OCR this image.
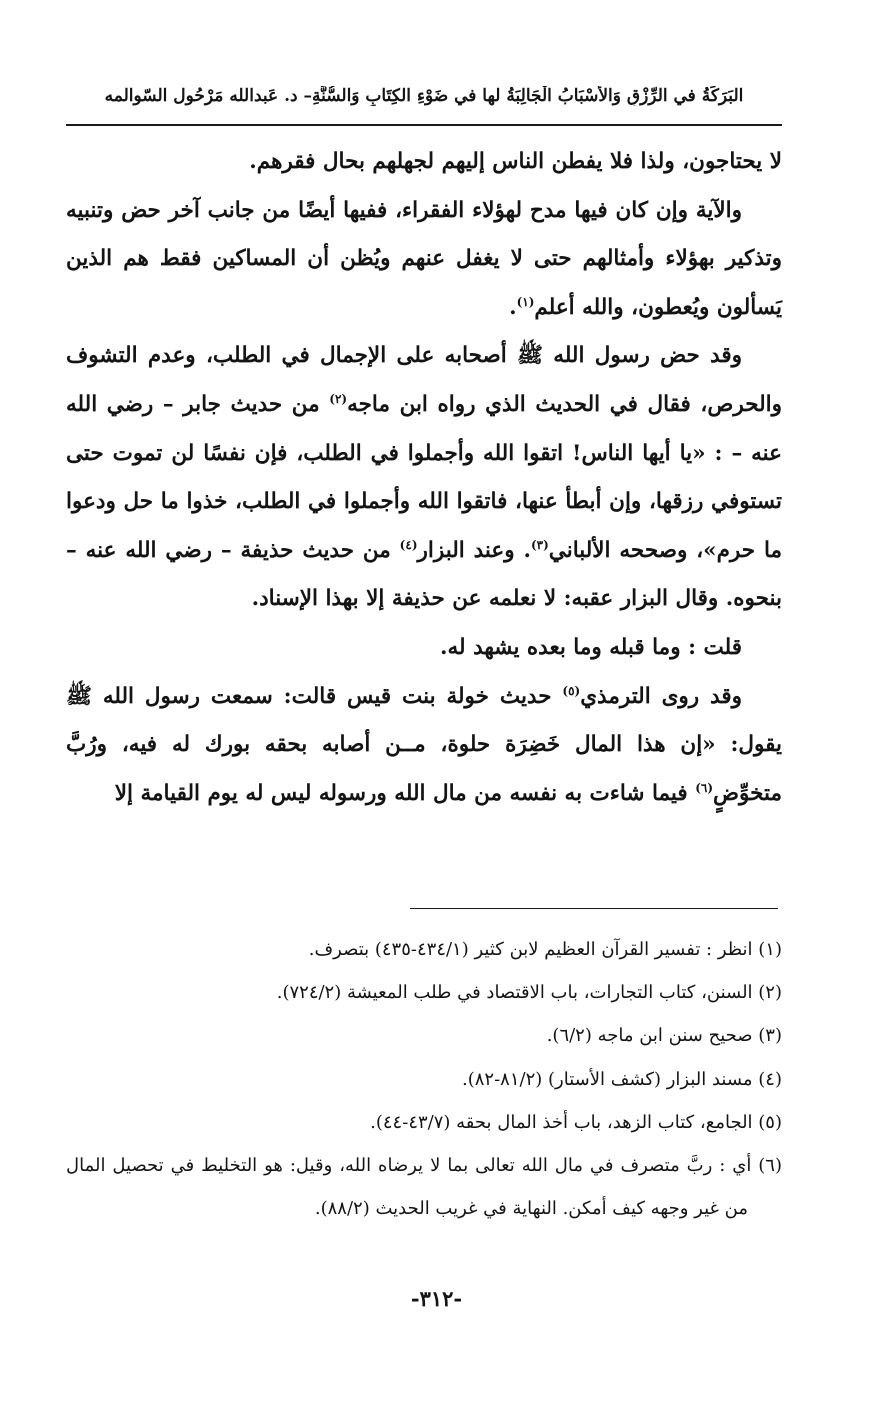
البَرَكَةُ في الرِّزْقِ وَالأَسْبَابُ الْجَالِبَةُ لها في ضَوْءِ الكِتَابِ وَالسُّنَّةِ– د. عَبدالله مَرْحُول السّوالمه

لا يحتاجون، ولذا فلا يفطن الناس إليهم لجهلهم بحال فقرهم.

والآية وإن كان فيها مدح لهؤلاء الفقراء، ففيها أيضًا من جانب آخر حض وتنبيه وتذكير بهؤلاء وأمثالهم حتى لا يغفل عنهم ويُظن أن المساكين فقط هم الذين يَسألون ويُعطون، والله أعلم$^{(١)}$.

وقد حض رسول الله ﷺ أصحابه على الإجمال في الطلب، وعدم التشوف والحرص، فقال في الحديث الذي رواه ابن ماجه$^{(٢)}$ من حديث جابر – رضي الله عنه – : «يا أيها الناس! اتقوا الله وأجملوا في الطلب، فإن نفسًا لن تموت حتى تستوفي رزقها، وإن أبطأ عنها، فاتقوا الله وأجملوا في الطلب، خذوا ما حل ودعوا ما حرم»، وصححه الألباني$^{(٣)}$. وعند البزار$^{(٤)}$ من حديث حذيفة – رضي الله عنه – بنحوه. وقال البزار عقبه: لا نعلمه عن حذيفة إلا بهذا الإسناد.

قلت : وما قبله وما بعده يشهد له.

وقد روى الترمذي$^{(٥)}$ حديث خولة بنت قيس قالت: سمعت رسول الله ﷺ يقول: «إن هذا المال خَضِرَة حلوة، مــن أصابه بحقه بورك له فيه، ورُبَّ متخوِّضٍ$^{(٦)}$ فيما شاءت به نفسه من مال الله ورسوله ليس له يوم القيامة إلا

(١) انظر : تفسير القرآن العظيم لابن كثير (٤٣٤/١-٤٣٥) بتصرف.

(٢) السنن، كتاب التجارات، باب الاقتصاد في طلب المعيشة (٧٢٤/٢).

(٣) صحيح سنن ابن ماجه (٦/٢).

(٤) مسند البزار (كشف الأستار) (٨١/٢-٨٢).

(٥) الجامع، كتاب الزهد، باب أخذ المال بحقه (٤٣/٧-٤٤).

(٦) أي : ربَّ متصرف في مال الله تعالى بما لا يرضاه الله، وقيل: هو التخليط في تحصيل المال من غير وجهه كيف أمكن. النهاية في غريب الحديث (٨٨/٢).

-٣١٢-
